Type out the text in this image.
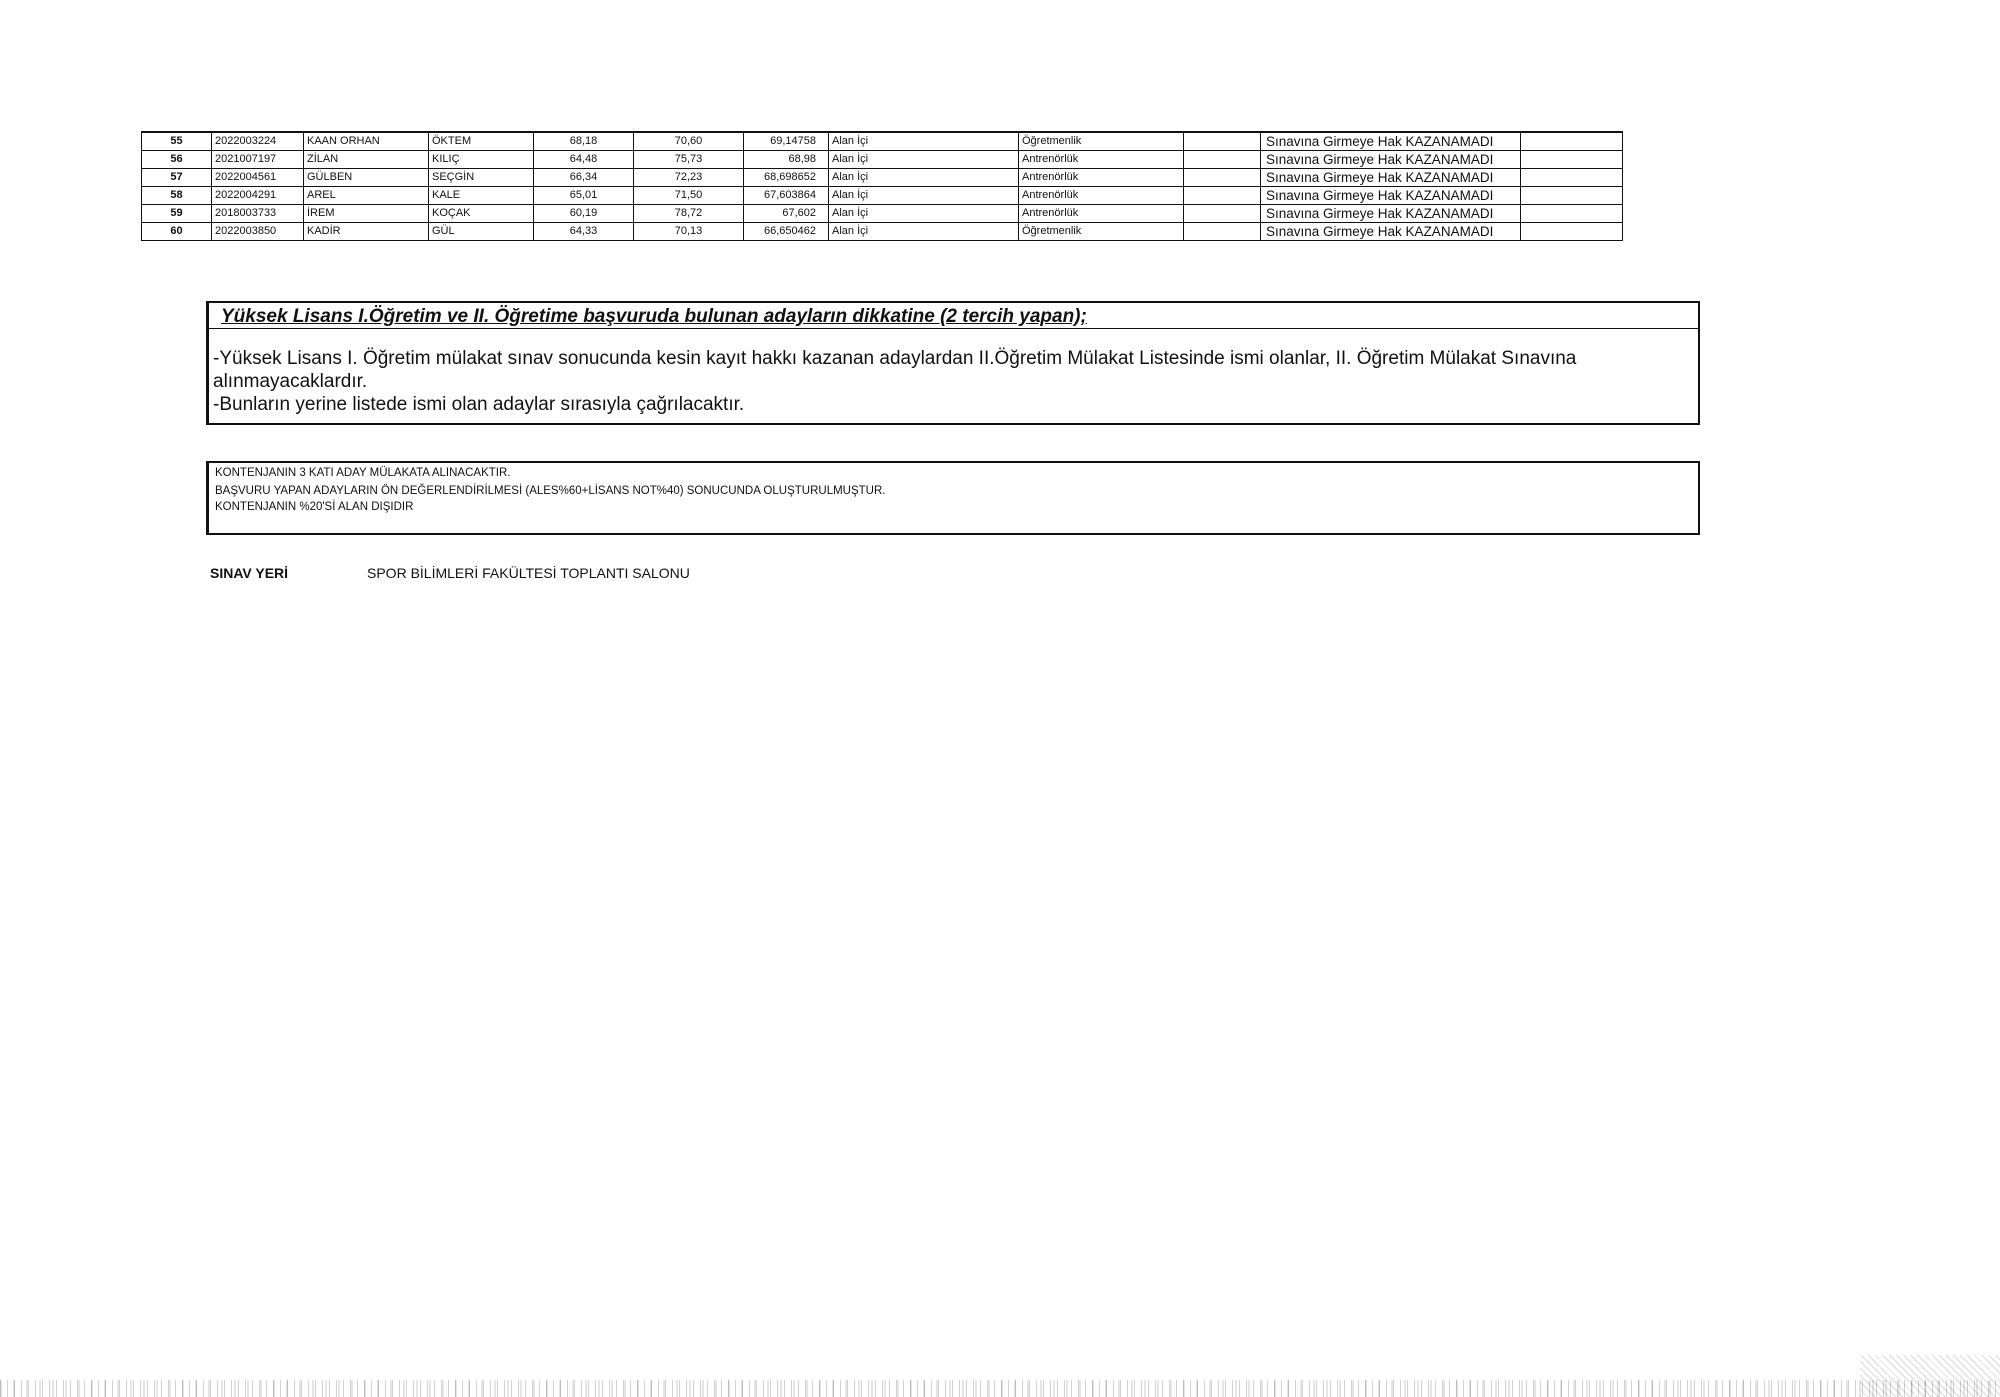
55	2022003224	KAAN ORHAN	ÖKTEM	68,18	70,60	69,14758	Alan İçi	Öğretmenlik		Sınavına Girmeye Hak KAZANAMADI	
56	2021007197	ZİLAN	KILIÇ	64,48	75,73	68,98	Alan İçi	Antrenörlük		Sınavına Girmeye Hak KAZANAMADI	
57	2022004561	GÜLBEN	SEÇGİN	66,34	72,23	68,698652	Alan İçi	Antrenörlük		Sınavına Girmeye Hak KAZANAMADI	
58	2022004291	AREL	KALE	65,01	71,50	67,603864	Alan İçi	Antrenörlük		Sınavına Girmeye Hak KAZANAMADI	
59	2018003733	İREM	KOÇAK	60,19	78,72	67,602	Alan İçi	Antrenörlük		Sınavına Girmeye Hak KAZANAMADI	
60	2022003850	KADİR	GÜL	64,33	70,13	66,650462	Alan İçi	Öğretmenlik		Sınavına Girmeye Hak KAZANAMADI	
Yüksek Lisans I.Öğretim ve II. Öğretime başvuruda bulunan adayların dikkatine (2 tercih yapan);
-Yüksek Lisans I. Öğretim mülakat sınav sonucunda kesin kayıt hakkı kazanan adaylardan II.Öğretim Mülakat Listesinde ismi olanlar, II. Öğretim Mülakat Sınavına
alınmayacaklardır.
-Bunların yerine listede ismi olan adaylar sırasıyla çağrılacaktır.
KONTENJANIN 3 KATI ADAY MÜLAKATA ALINACAKTIR.
BAŞVURU YAPAN ADAYLARIN ÖN DEĞERLENDİRİLMESİ (ALES%60+LİSANS NOT%40) SONUCUNDA OLUŞTURULMUŞTUR.
KONTENJANIN %20'Sİ ALAN DIŞIDIR
SINAV YERİ	SPOR BİLİMLERİ FAKÜLTESİ TOPLANTI SALONU
